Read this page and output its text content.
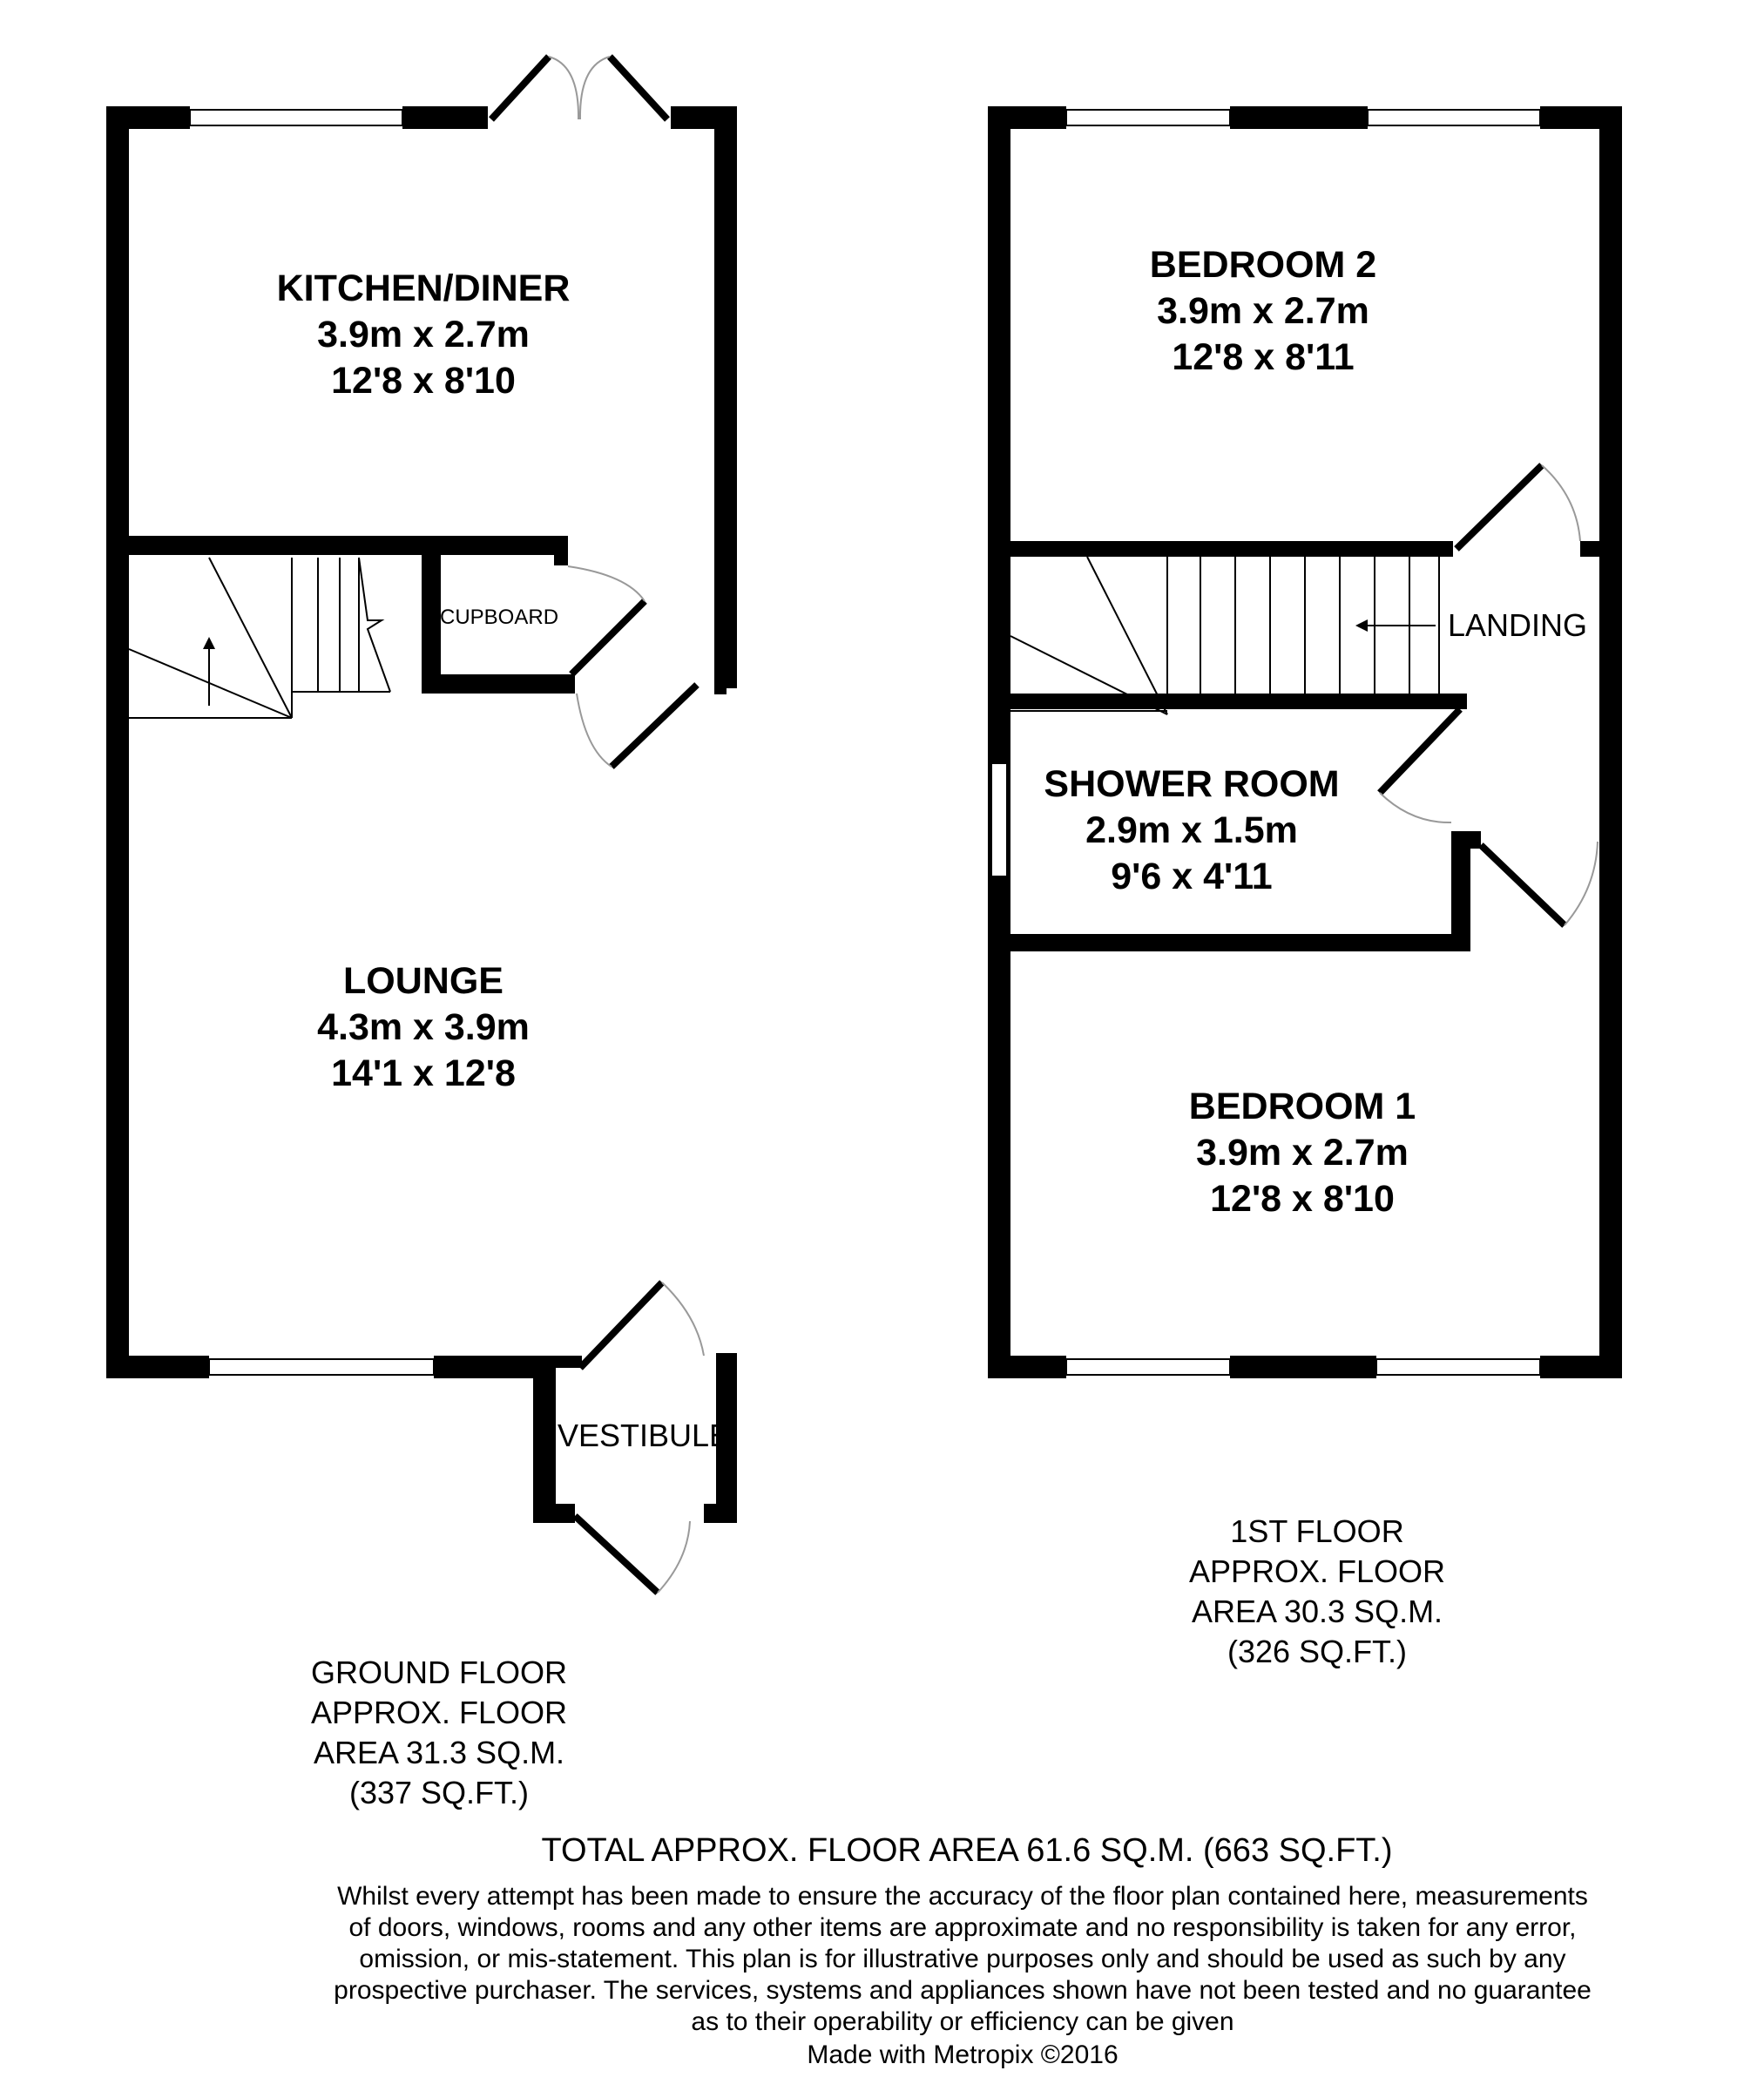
KITCHEN/DINER
3.9m x 2.7m
12'8 x 8'10
LOUNGE
4.3m x 3.9m
14'1 x 12'8
CUPBOARD
VESTIBULE
BEDROOM 2
3.9m x 2.7m
12'8 x 8'11
LANDING
SHOWER ROOM
2.9m x 1.5m
9'6 x 4'11
BEDROOM 1
3.9m x 2.7m
12'8 x 8'10
1ST FLOOR
APPROX. FLOOR
AREA 30.3 SQ.M.
(326 SQ.FT.)
GROUND FLOOR
APPROX. FLOOR
AREA 31.3 SQ.M.
(337 SQ.FT.)
TOTAL APPROX. FLOOR AREA 61.6 SQ.M. (663 SQ.FT.)
Whilst every attempt has been made to ensure the accuracy of the floor plan contained here, measurements
of doors, windows, rooms and any other items are approximate and no responsibility is taken for any error,
omission, or mis-statement. This plan is for illustrative purposes only and should be used as such by any
prospective purchaser. The services, systems and appliances shown have not been tested and no guarantee
as to their operability or efficiency can be given
Made with Metropix ©2016
